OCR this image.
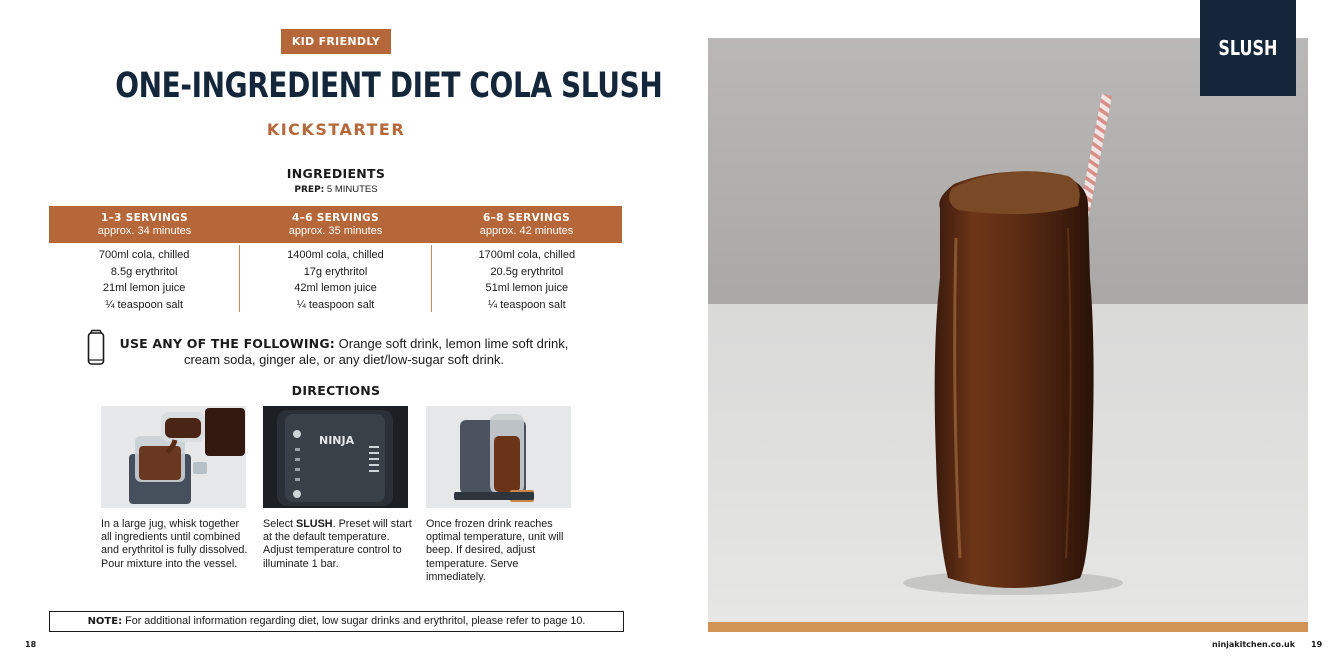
KID FRIENDLY
ONE-INGREDIENT DIET COLA SLUSH
KICKSTARTER
INGREDIENTS
PREP: 5 MINUTES
1–3 SERVINGS
approx. 34 minutes
4–6 SERVINGS
approx. 35 minutes
6–8 SERVINGS
approx. 42 minutes
700ml cola, chilled
8.5g erythritol
21ml lemon juice
¼ teaspoon salt
1400ml cola, chilled
17g erythritol
42ml lemon juice
¼ teaspoon salt
1700ml cola, chilled
20.5g erythritol
51ml lemon juice
¼ teaspoon salt
USE ANY OF THE FOLLOWING: Orange soft drink, lemon lime soft drink, cream soda, ginger ale, or any diet/low-sugar soft drink.
DIRECTIONS
NINJA
In a large jug, whisk together all ingredients until combined and erythritol is fully dissolved. Pour mixture into the vessel.
Select SLUSH. Preset will start at the default temperature. Adjust temperature control to illuminate 1 bar.
Once frozen drink reaches optimal temperature, unit will beep. If desired, adjust temperature. Serve immediately.
NOTE: For additional information regarding diet, low sugar drinks and erythritol, please refer to page 10.
18
SLUSH
ninjakitchen.co.uk 19
